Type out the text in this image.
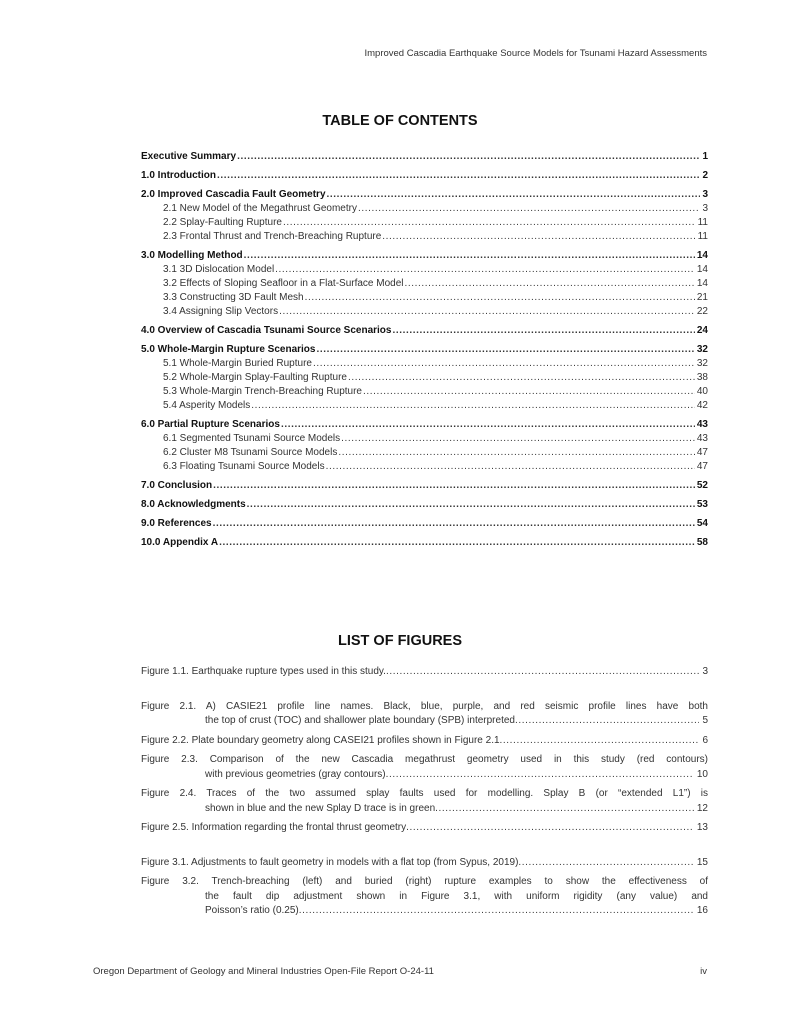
Improved Cascadia Earthquake Source Models for Tsunami Hazard Assessments
TABLE OF CONTENTS
Executive Summary .....	1
1.0 Introduction .....	2
2.0 Improved Cascadia Fault Geometry .....	3
2.1 New Model of the Megathrust Geometry .....	3
2.2 Splay-Faulting Rupture .....	11
2.3 Frontal Thrust and Trench-Breaching Rupture .....	11
3.0 Modelling Method .....	14
3.1 3D Dislocation Model .....	14
3.2 Effects of Sloping Seafloor in a Flat-Surface Model .....	14
3.3 Constructing 3D Fault Mesh .....	21
3.4 Assigning Slip Vectors .....	22
4.0 Overview of Cascadia Tsunami Source Scenarios .....	24
5.0 Whole-Margin Rupture Scenarios .....	32
5.1 Whole-Margin Buried Rupture .....	32
5.2 Whole-Margin Splay-Faulting Rupture .....	38
5.3 Whole-Margin Trench-Breaching Rupture .....	40
5.4 Asperity Models .....	42
6.0 Partial Rupture Scenarios .....	43
6.1 Segmented Tsunami Source Models .....	43
6.2 Cluster M8 Tsunami Source Models .....	47
6.3 Floating Tsunami Source Models .....	47
7.0 Conclusion .....	52
8.0 Acknowledgments .....	53
9.0 References .....	54
10.0 Appendix A .....	58
LIST OF FIGURES
Figure 1.1. Earthquake rupture types used in this study. .....	3
Figure 2.1. A) CASIE21 profile line names. Black, blue, purple, and red seismic profile lines have both
the top of crust (TOC) and shallower plate boundary (SPB) interpreted .....	5
Figure 2.2. Plate boundary geometry along CASEI21 profiles shown in Figure 2.1 .....	6
Figure 2.3. Comparison of the new Cascadia megathrust geometry used in this study (red contours)
with previous geometries (gray contours) .....	10
Figure 2.4. Traces of the two assumed splay faults used for modelling. Splay B (or “extended L1”) is
shown in blue and the new Splay D trace is in green .....	12
Figure 2.5. Information regarding the frontal thrust geometry .....	13
Figure 3.1. Adjustments to fault geometry in models with a flat top (from Sypus, 2019) .....	15
Figure 3.2. Trench-breaching (left) and buried (right) rupture examples to show the effectiveness of
the fault dip adjustment shown in Figure 3.1, with uniform rigidity (any value) and
Poisson’s ratio (0.25) .....	16
Oregon Department of Geology and Mineral Industries Open-File Report O-24-11	iv
